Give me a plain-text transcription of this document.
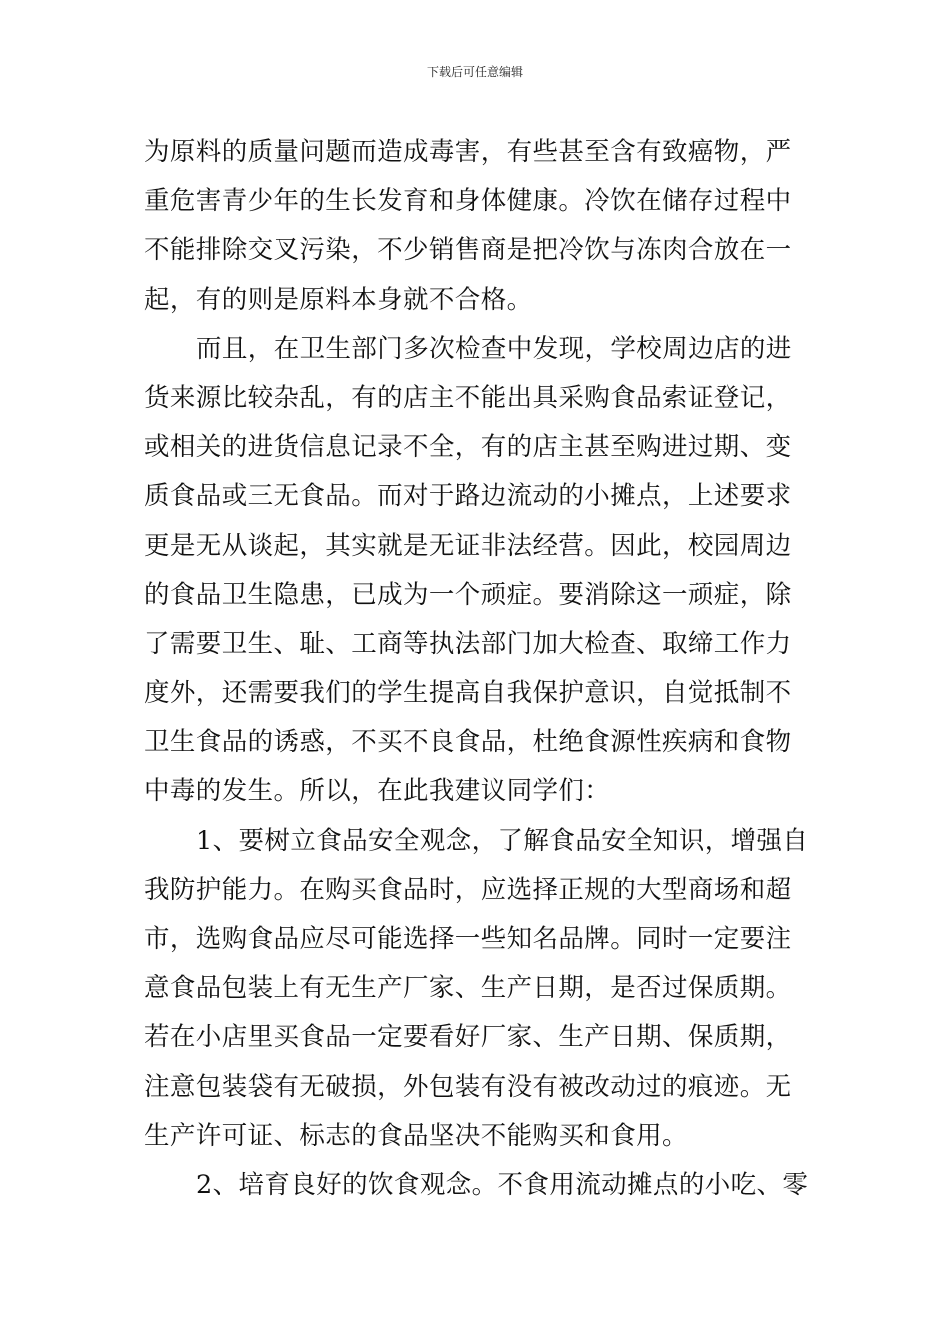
下载后可任意编辑
为原料的质量问题而造成毒害，有些甚至含有致癌物，严
重危害青少年的生长发育和身体健康。冷饮在储存过程中
不能排除交叉污染，不少销售商是把冷饮与冻肉合放在一
起，有的则是原料本身就不合格。
而且，在卫生部门多次检查中发现，学校周边店的进
货来源比较杂乱，有的店主不能出具采购食品索证登记，
或相关的进货信息记录不全，有的店主甚至购进过期、变
质食品或三无食品。而对于路边流动的小摊点，上述要求
更是无从谈起，其实就是无证非法经营。因此，校园周边
的食品卫生隐患，已成为一个顽症。要消除这一顽症，除
了需要卫生、耻、工商等执法部门加大检查、取缔工作力
度外，还需要我们的学生提高自我保护意识，自觉抵制不
卫生食品的诱惑，不买不良食品，杜绝食源性疾病和食物
中毒的发生。所以，在此我建议同学们：
1、要树立食品安全观念，了解食品安全知识，增强自
我防护能力。在购买食品时，应选择正规的大型商场和超
市，选购食品应尽可能选择一些知名品牌。同时一定要注
意食品包装上有无生产厂家、生产日期，是否过保质期。
若在小店里买食品一定要看好厂家、生产日期、保质期，
注意包装袋有无破损，外包装有没有被改动过的痕迹。无
生产许可证、标志的食品坚决不能购买和食用。
2、培育良好的饮食观念。不食用流动摊点的小吃、零
